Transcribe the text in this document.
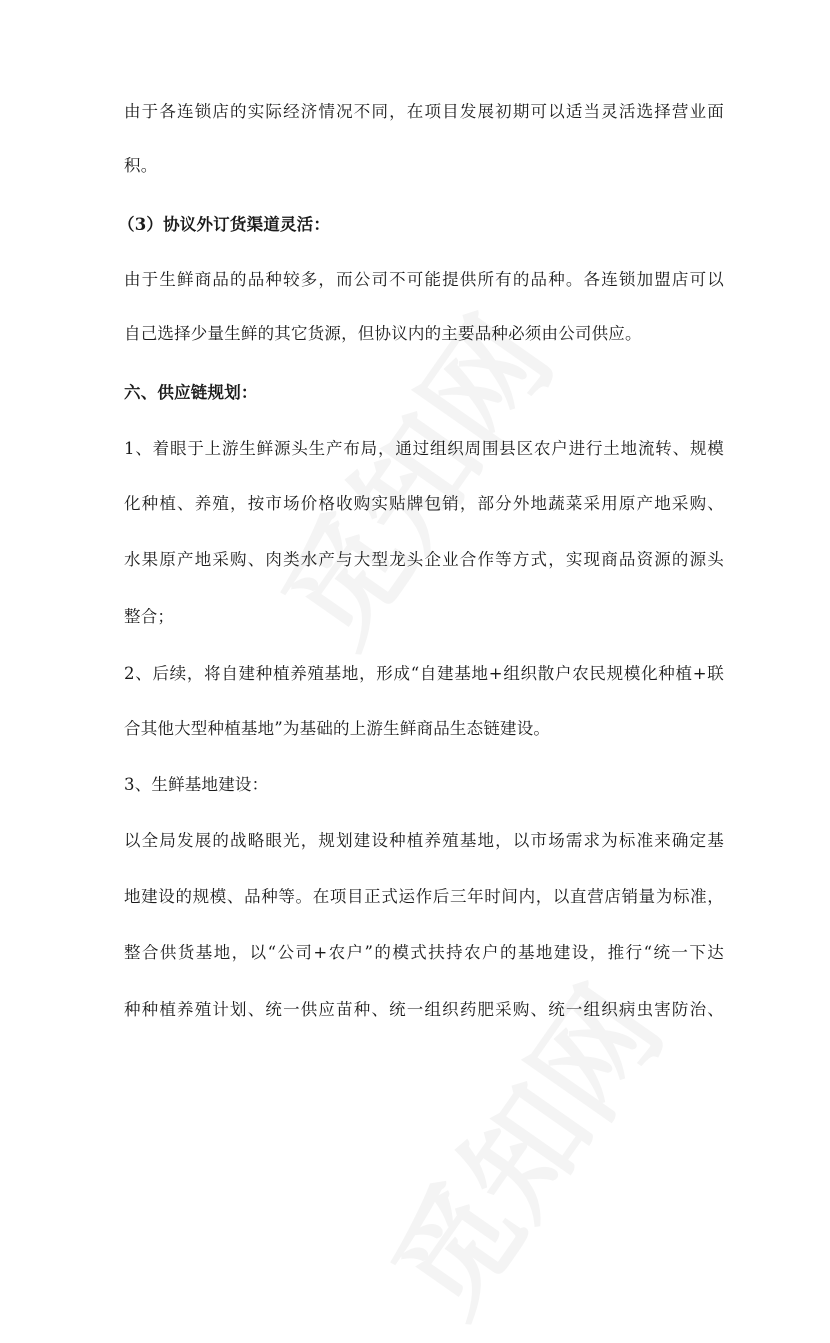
由于各连锁店的实际经济情况不同，在项目发展初期可以适当灵活选择营业面
积。
（3）协议外订货渠道灵活：
由于生鲜商品的品种较多，而公司不可能提供所有的品种。各连锁加盟店可以
自己选择少量生鲜的其它货源，但协议内的主要品种必须由公司供应。
六、供应链规划：
1、着眼于上游生鲜源头生产布局，通过组织周围县区农户进行土地流转、规模
化种植、养殖，按市场价格收购实贴牌包销，部分外地蔬菜采用原产地采购、
水果原产地采购、肉类水产与大型龙头企业合作等方式，实现商品资源的源头
整合；
2、后续，将自建种植养殖基地，形成“自建基地+组织散户农民规模化种植+联
合其他大型种植基地”为基础的上游生鲜商品生态链建设。
3、生鲜基地建设：
以全局发展的战略眼光，规划建设种植养殖基地，以市场需求为标准来确定基
地建设的规模、品种等。在项目正式运作后三年时间内，以直营店销量为标准，
整合供货基地，以“公司+农户”的模式扶持农户的基地建设，推行“统一下达
种种植养殖计划、统一供应苗种、统一组织药肥采购、统一组织病虫害防治、
